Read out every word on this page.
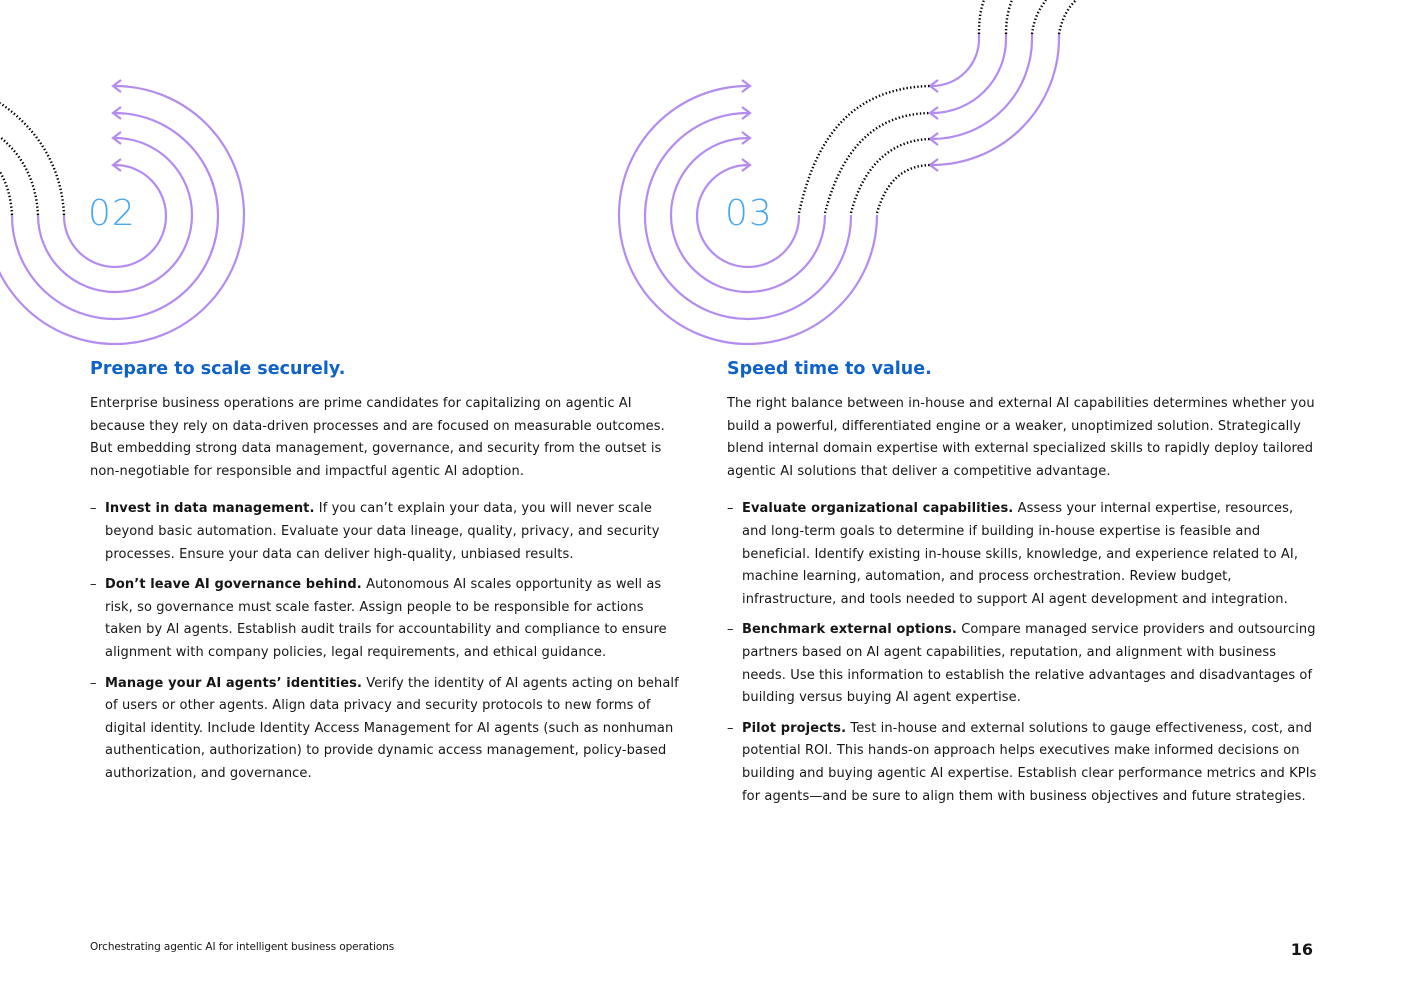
02	03
Prepare to scale securely.

Enterprise business operations are prime candidates for capitalizing on agentic AI because they rely on data-driven processes and are focused on measurable outcomes. But embedding strong data management, governance, and security from the outset is non-negotiable for responsible and impactful agentic AI adoption.

– Invest in data management. If you can’t explain your data, you will never scale beyond basic automation. Evaluate your data lineage, quality, privacy, and security processes. Ensure your data can deliver high-quality, unbiased results.
– Don’t leave AI governance behind. Autonomous AI scales opportunity as well as risk, so governance must scale faster. Assign people to be responsible for actions taken by AI agents. Establish audit trails for accountability and compliance to ensure alignment with company policies, legal requirements, and ethical guidance.
– Manage your AI agents’ identities. Verify the identity of AI agents acting on behalf of users or other agents. Align data privacy and security protocols to new forms of digital identity. Include Identity Access Management for AI agents (such as nonhuman authentication, authorization) to provide dynamic access management, policy-based authorization, and governance.
Speed time to value.

The right balance between in-house and external AI capabilities determines whether you build a powerful, differentiated engine or a weaker, unoptimized solution. Strategically blend internal domain expertise with external specialized skills to rapidly deploy tailored agentic AI solutions that deliver a competitive advantage.

– Evaluate organizational capabilities. Assess your internal expertise, resources, and long-term goals to determine if building in-house expertise is feasible and beneficial. Identify existing in-house skills, knowledge, and experience related to AI, machine learning, automation, and process orchestration. Review budget, infrastructure, and tools needed to support AI agent development and integration.
– Benchmark external options. Compare managed service providers and outsourcing partners based on AI agent capabilities, reputation, and alignment with business needs. Use this information to establish the relative advantages and disadvantages of building versus buying AI agent expertise.
– Pilot projects. Test in-house and external solutions to gauge effectiveness, cost, and potential ROI. This hands-on approach helps executives make informed decisions on building and buying agentic AI expertise. Establish clear performance metrics and KPIs for agents—and be sure to align them with business objectives and future strategies.
Orchestrating agentic AI for intelligent business operations	16
